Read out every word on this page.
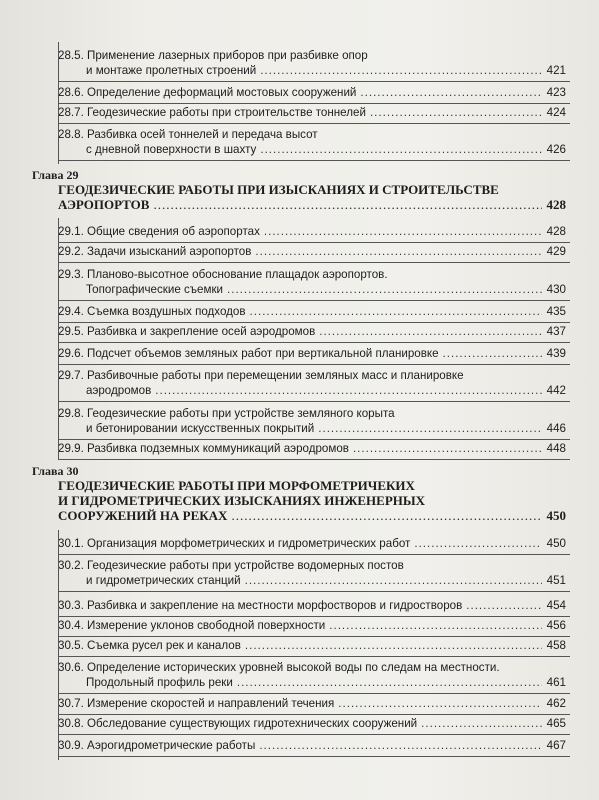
28.5. Применение лазерных приборов при разбивке опор
и монтаже пролетных строений .....	421
28.6. Определение деформаций мостовых сооружений .....	423
28.7. Геодезические работы при строительстве тоннелей .....	424
28.8. Разбивка осей тоннелей и передача высот
с дневной поверхности в шахту .....	426
Глава 29
ГЕОДЕЗИЧЕСКИЕ РАБОТЫ ПРИ ИЗЫСКАНИЯХ И СТРОИТЕЛЬСТВЕ
АЭРОПОРТОВ .....	428
29.1. Общие сведения об аэропортах .....	428
29.2. Задачи изысканий аэропортов .....	429
29.3. Планово-высотное обоснование плащадок аэропортов.
Топографические съемки .....	430
29.4. Съемка воздушных подходов .....	435
29.5. Разбивка и закрепление осей аэродромов .....	437
29.6. Подсчет объемов земляных работ при вертикальной планировке .....	439
29.7. Разбивочные работы при перемещении земляных масс и планировке
аэродромов .....	442
29.8. Геодезические работы при устройстве земляного корыта
и бетонировании искусственных покрытий .....	446
29.9. Разбивка подземных коммуникаций аэродромов .....	448
Глава 30
ГЕОДЕЗИЧЕСКИЕ РАБОТЫ ПРИ МОРФОМЕТРИЧЕКИХ
И ГИДРОМЕТРИЧЕСКИХ ИЗЫСКАНИЯХ ИНЖЕНЕРНЫХ
СООРУЖЕНИЙ НА РЕКАХ .....	450
30.1. Организация морфометрических и гидрометрических работ .....	450
30.2. Геодезические работы при устройстве водомерных постов
и гидрометрических станций .....	451
30.3. Разбивка и закрепление на местности морфостворов и гидростворов .....	454
30.4. Измерение уклонов свободной поверхности .....	456
30.5. Съемка русел рек и каналов .....	458
30.6. Определение исторических уровней высокой воды по следам на местности.
Продольный профиль реки .....	461
30.7. Измерение скоростей и направлений течения .....	462
30.8. Обследование существующих гидротехнических сооружений .....	465
30.9. Аэрогидрометрические работы .....	467
